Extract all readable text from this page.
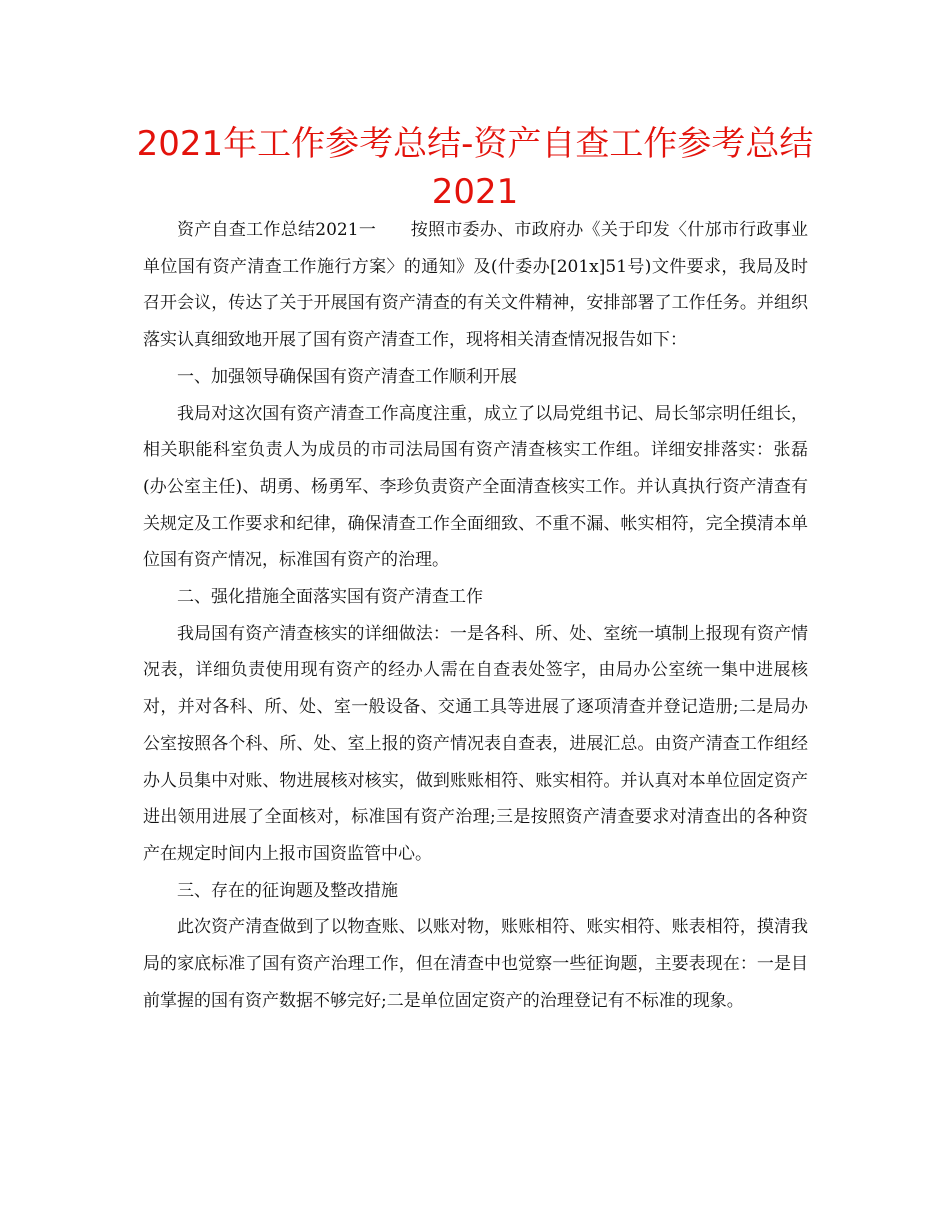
2021年工作参考总结-资产自查工作参考总结2021

资产自查工作总结2021一　　按照市委办、市政府办《关于印发〈什邡市行政事业单位国有资产清查工作施行方案〉的通知》及(什委办[201x]51号)文件要求，我局及时召开会议，传达了关于开展国有资产清查的有关文件精神，安排部署了工作任务。并组织落实认真细致地开展了国有资产清查工作，现将相关清查情况报告如下：

一、加强领导确保国有资产清查工作顺利开展

我局对这次国有资产清查工作高度注重，成立了以局党组书记、局长邹宗明任组长，相关职能科室负责人为成员的市司法局国有资产清查核实工作组。详细安排落实：张磊(办公室主任)、胡勇、杨勇军、李珍负责资产全面清查核实工作。并认真执行资产清查有关规定及工作要求和纪律，确保清查工作全面细致、不重不漏、帐实相符，完全摸清本单位国有资产情况，标准国有资产的治理。

二、强化措施全面落实国有资产清查工作

我局国有资产清查核实的详细做法：一是各科、所、处、室统一填制上报现有资产情况表，详细负责使用现有资产的经办人需在自查表处签字，由局办公室统一集中进展核对，并对各科、所、处、室一般设备、交通工具等进展了逐项清查并登记造册;二是局办公室按照各个科、所、处、室上报的资产情况表自查表，进展汇总。由资产清查工作组经办人员集中对账、物进展核对核实，做到账账相符、账实相符。并认真对本单位固定资产进出领用进展了全面核对，标准国有资产治理;三是按照资产清查要求对清查出的各种资产在规定时间内上报市国资监管中心。

三、存在的征询题及整改措施

此次资产清查做到了以物查账、以账对物，账账相符、账实相符、账表相符，摸清我局的家底标准了国有资产治理工作，但在清查中也觉察一些征询题，主要表现在：一是目前掌握的国有资产数据不够完好;二是单位固定资产的治理登记有不标准的现象。
